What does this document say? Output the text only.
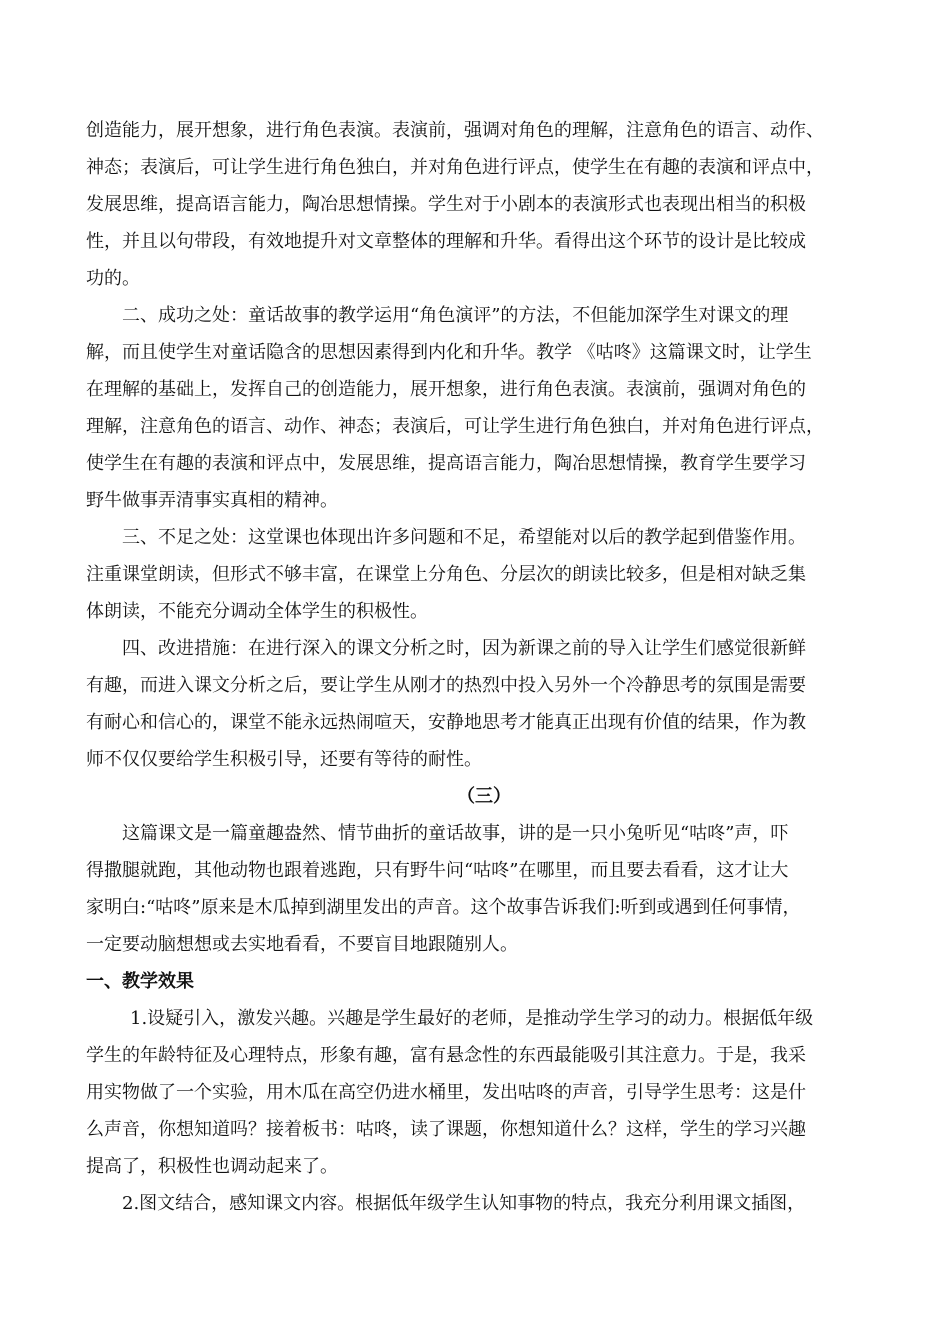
创造能力，展开想象，进行角色表演。表演前，强调对角色的理解，注意角色的语言、动作、
神态；表演后，可让学生进行角色独白，并对角色进行评点，使学生在有趣的表演和评点中，
发展思维，提高语言能力，陶冶思想情操。学生对于小剧本的表演形式也表现出相当的积极
性，并且以句带段，有效地提升对文章整体的理解和升华。看得出这个环节的设计是比较成
功的。
二、成功之处：童话故事的教学运用“角色演评”的方法，不但能加深学生对课文的理
解，而且使学生对童话隐含的思想因素得到内化和升华。教学 《咕咚》这篇课文时，让学生
在理解的基础上，发挥自己的创造能力，展开想象，进行角色表演。表演前，强调对角色的
理解，注意角色的语言、动作、神态；表演后，可让学生进行角色独白，并对角色进行评点，
使学生在有趣的表演和评点中，发展思维，提高语言能力，陶冶思想情操，教育学生要学习
野牛做事弄清事实真相的精神。
三、不足之处：这堂课也体现出许多问题和不足，希望能对以后的教学起到借鉴作用。
注重课堂朗读，但形式不够丰富，在课堂上分角色、分层次的朗读比较多，但是相对缺乏集
体朗读，不能充分调动全体学生的积极性。
四、改进措施：在进行深入的课文分析之时，因为新课之前的导入让学生们感觉很新鲜
有趣，而进入课文分析之后，要让学生从刚才的热烈中投入另外一个冷静思考的氛围是需要
有耐心和信心的，课堂不能永远热闹喧天，安静地思考才能真正出现有价值的结果，作为教
师不仅仅要给学生积极引导，还要有等待的耐性。
（三）
这篇课文是一篇童趣盎然、情节曲折的童话故事，讲的是一只小兔听见“咕咚”声，吓
得撒腿就跑，其他动物也跟着逃跑，只有野牛问“咕咚”在哪里，而且要去看看，这才让大
家明白:“咕咚”原来是木瓜掉到湖里发出的声音。这个故事告诉我们:听到或遇到任何事情，
一定要动脑想想或去实地看看，不要盲目地跟随别人。
一、教学效果
1.设疑引入，激发兴趣。兴趣是学生最好的老师，是推动学生学习的动力。根据低年级
学生的年龄特征及心理特点，形象有趣，富有悬念性的东西最能吸引其注意力。于是，我采
用实物做了一个实验，用木瓜在高空仍进水桶里，发出咕咚的声音，引导学生思考：这是什
么声音，你想知道吗？接着板书：咕咚，读了课题，你想知道什么？这样，学生的学习兴趣
提高了，积极性也调动起来了。
2.图文结合，感知课文内容。根据低年级学生认知事物的特点，我充分利用课文插图，
